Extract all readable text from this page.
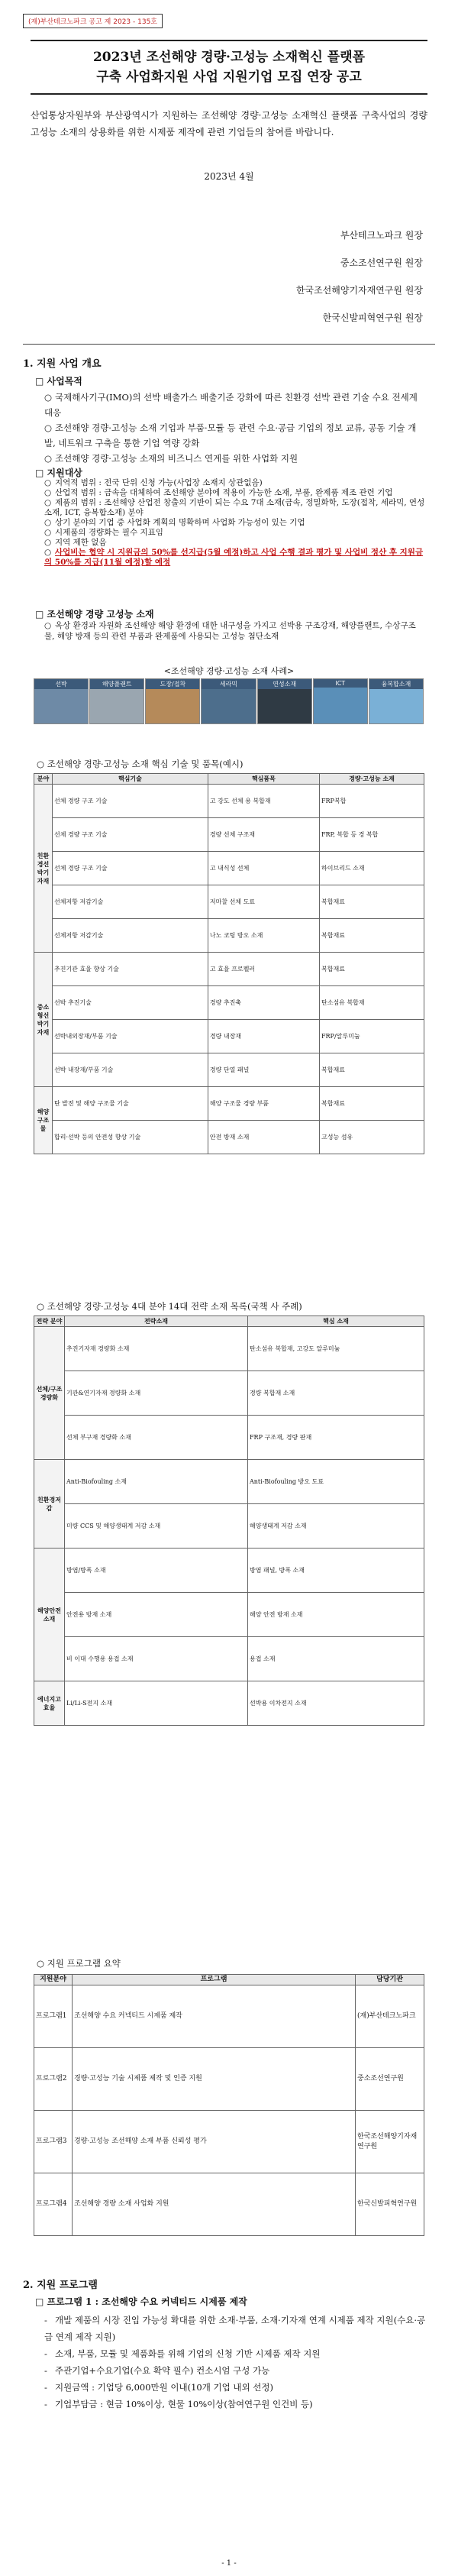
(재)부산테크노파크 공고 제 2023 - 135호
2023년 조선해양 경량·고성능 소재혁신 플랫폼
구축 사업화지원 사업 지원기업 모집 연장 공고
산업통상자원부와 부산광역시가 지원하는 조선해양 경량·고성능 소재혁신 플랫폼 구축사업의 경량고성능 소재의 상용화를 위한 시제품 제작에 관련 기업들의 참여를 바랍니다.
2023년 4월
부산테크노파크 원장
중소조선연구원 원장
한국조선해양기자재연구원 원장
한국신발피혁연구원 원장
1. 지원 사업 개요
□ 사업목적
○ 국제해사기구(IMO)의 선박 배출가스 배출기준 강화에 따른 친환경 선박 관련 기술 수요 전세계 대응
○ 조선해양 경량·고성능 소재 기업과 부품·모듈 등 관련 수요·공급 기업의 정보 교류, 공동 기술 개발, 네트워크 구축을 통한 기업 역량 강화
○ 조선해양 경량·고성능 소재의 비즈니스 연계를 위한 사업화 지원
□ 지원대상
○ 지역적 범위 : 전국 단위 신청 가능(사업장 소재지 상관없음)
○ 산업적 범위 : 금속을 대체하여 조선해양 분야에 적용이 가능한 소재, 부품, 완제품 제조 관련 기업
○ 제품의 범위 : 조선해양 산업전 창출의 기반이 되는 수요 7대 소재(금속, 정밀화학, 도장(접착, 세라믹, 연성소재, ICT, 융복합소재) 분야
○ 상기 분야의 기업 중 사업화 계획의 명확하며 사업화 가능성이 있는 기업
○ 시제품의 경량화는 필수 지표임
○ 지역 제한 없음
○ 사업비는 협약 시 지원금의 50%를 선지급(5월 예정)하고 사업 수행 결과 평가 및 사업비 정산 후 지원금의 50%를 지급(11월 예정)할 예정
□ 조선해양 경량 고성능 소재
○ 옥상 환경과 자원화 조선해양 해양 환경에 대한 내구성을 가지고 선박용 구조강재, 해양플랜트, 수상구조물, 해양 방재 등의 관련 부품과 완제품에 사용되는 고성능 첨단소재
<조선해양 경량·고성능 소재 사례>
선박	해양플랜트	도장/접착	세라믹	연성소재	ICT	융복합소재
○ 조선해양 경량·고성능 소재 핵심 기술 및 품목(예시)
분야	핵심기술	핵심품목	경량·고성능 소재
친환경선박기자재	선체 경량 구조 기술	고 강도 선체 용 복합재	FRP복합
	선체 경량 구조 기술	경량 선체 구조재	FRP, 복합 등 경 복합
	선체 경량 구조 기술	고 내식성 선체	하이브리드 소재
	선체저항 저감기술	저마찰 선체 도료	복합재료
	선체저항 저감기술	나노 코팅 방오 소재	복합재료
중소형선박기자재	추진기관 효율 향상 기술	고 효율 프로펠러	복합재료
	선박 추진기술	경량 추진축	탄소섬유 복합재
	선박내외장재/부품 기술	경량 내장재	FRP/알루미늄
	선박 내장재/부품 기술	경량 단열 패널	복합재료
해양구조물	탄 발전 및 해양 구조물 기술	해양 구조물 경량 부품	복합재료
	합리·선박 등의 안전성 향상 기술	안전 방재 소재	고성능 섬유
○ 조선해양 경량·고성능 4대 분야 14대 전략 소재 목록(국책 사 주례)
전략 분야	전략소재	핵심 소재
선체/구조경량화	추진기자재 경량화 소재	탄소섬유 복합재, 고강도 알루미늄
	기관&연기자재 경량화 소재	경량 복합재 소재
	선체 부구재 경량화 소재	FRP 구조재, 경량 판재
친환경저감	Anti-Biofouling 소재	Anti-Biofouling 방오 도료
	미량 CCS 및 해양생태계 저감 소재	해양생태계 저감 소재
해양안전소재	방염/방폭 소재	방염 패널, 방폭 소재
	안전용 방재 소재	해양 안전 방재 소재
	비 이대 수행용 용접 소재	용접 소재
에너지고효율	Li/Li-S전지 소재	선박용 이차전지 소재
○ 지원 프로그램 요약
지원분야	프로그램	담당기관
프로그램1	조선해양 수요 커넥티드 시제품 제작	(재)부산테크노파크
프로그램2	경량·고성능 기술 시제품 제작 및 인증 지원	중소조선연구원
프로그램3	경량·고성능 조선해양 소재 부품 신뢰성 평가	한국조선해양기자재연구원
프로그램4	조선해양 경량 소재 사업화 지원	한국신발피혁연구원
2. 지원 프로그램
□ 프로그램 1 : 조선해양 수요 커넥티드 시제품 제작
- 개발 제품의 시장 진입 가능성 확대를 위한 소재·부품, 소재·기자재 연계 시제품 제작 지원(수요·공급 연계 제작 지원)
- 소재, 부품, 모듈 및 제품화를 위해 기업의 신청 기반 시제품 제작 지원
- 주관기업+수요기업(수요 확약 필수) 컨소시엄 구성 가능
- 지원금액 : 기업당 6,000만원 이내(10개 기업 내외 선정)
- 기업부담금 : 현금 10%이상, 현물 10%이상(참여연구원 인건비 등)
- 1 -
